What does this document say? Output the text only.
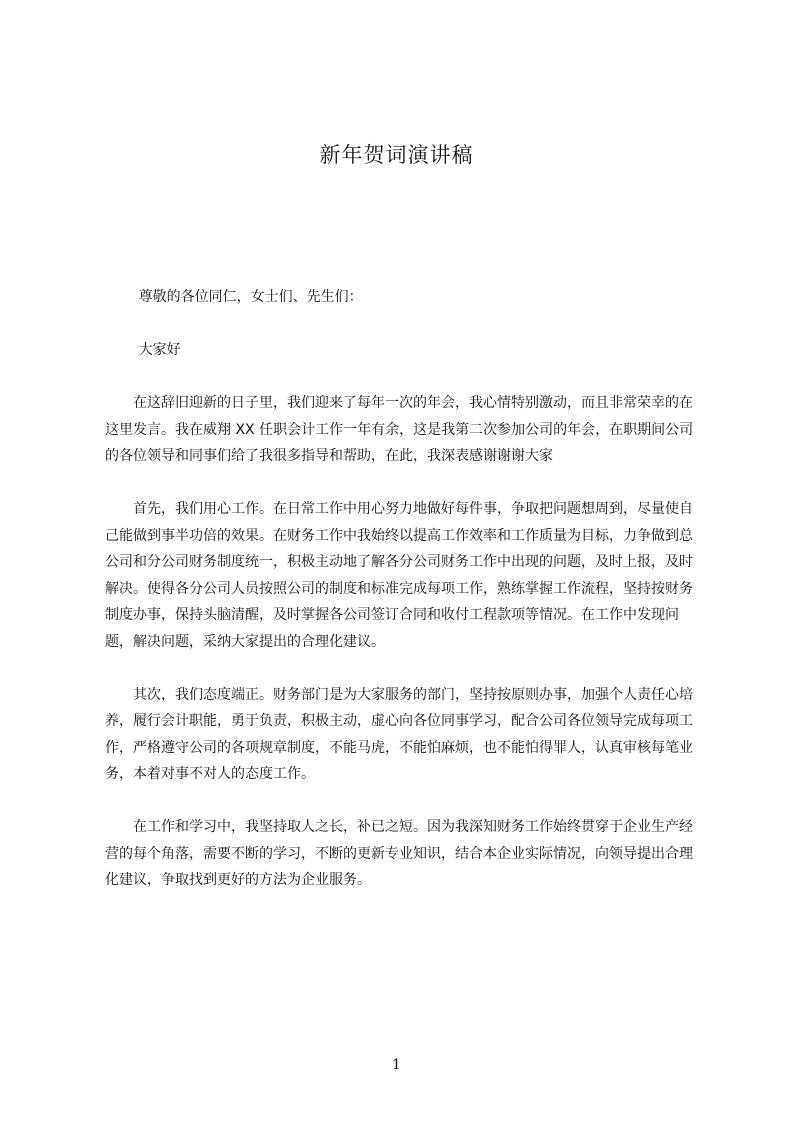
新年贺词演讲稿

尊敬的各位同仁，女士们、先生们：

大家好

在这辞旧迎新的日子里，我们迎来了每年一次的年会，我心情特别激动，而且非常荣幸的在这里发言。我在威翔 XX 任职会计工作一年有余，这是我第二次参加公司的年会，在职期间公司的各位领导和同事们给了我很多指导和帮助，在此，我深表感谢谢谢大家

首先，我们用心工作。在日常工作中用心努力地做好每件事，争取把问题想周到，尽量使自己能做到事半功倍的效果。在财务工作中我始终以提高工作效率和工作质量为目标，力争做到总公司和分公司财务制度统一，积极主动地了解各分公司财务工作中出现的问题，及时上报，及时解决。使得各分公司人员按照公司的制度和标准完成每项工作，熟练掌握工作流程，坚持按财务制度办事，保持头脑清醒，及时掌握各公司签订合同和收付工程款项等情况。在工作中发现问题，解决问题，采纳大家提出的合理化建议。

其次，我们态度端正。财务部门是为大家服务的部门，坚持按原则办事，加强个人责任心培养，履行会计职能，勇于负责，积极主动，虚心向各位同事学习，配合公司各位领导完成每项工作，严格遵守公司的各项规章制度，不能马虎，不能怕麻烦，也不能怕得罪人，认真审核每笔业务，本着对事不对人的态度工作。

在工作和学习中，我坚持取人之长，补已之短。因为我深知财务工作始终贯穿于企业生产经营的每个角落，需要不断的学习，不断的更新专业知识，结合本企业实际情况，向领导提出合理化建议，争取找到更好的方法为企业服务。

1
